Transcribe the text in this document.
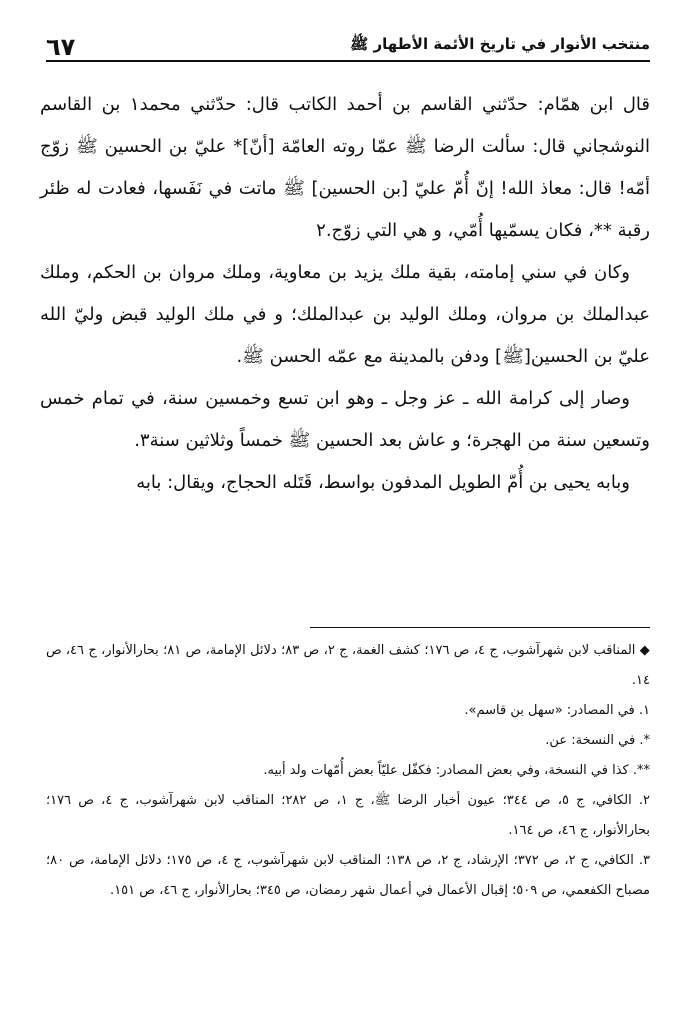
منتخب الأنوار في تاريخ الأئمة الأطهار ﷺ
٦٧

قال ابن همّام: حدّثني القاسم بن أحمد الكاتب قال: حدّثني محمد١ بن القاسم النوشجاني قال: سألت الرضا ﷺ عمّا روته العامّة [أنّ]* عليّ بن الحسين ﷺ زوّج أمّه! قال: معاذ الله! إنّ أُمّ عليّ [بن الحسين] ﷺ ماتت في نَفَسها، فعادت له ظئر رقبة **، فكان يسمّيها أُمّي، و هي التي زوّج.٢

وكان في سني إمامته، بقية ملك يزيد بن معاوية، وملك مروان بن الحكم، وملك عبدالملك بن مروان، وملك الوليد بن عبدالملك؛ و في ملك الوليد قبض وليّ الله عليّ بن الحسين[ﷺ] ودفن بالمدينة مع عمّه الحسن ﷺ.

وصار إلى كرامة الله ـ عز وجل ـ وهو ابن تسع وخمسين سنة، في تمام خمس وتسعين سنة من الهجرة؛ و عاش بعد الحسين ﷺ خمساً وثلاثين سنة٣.

وبابه يحيى بن أُمّ الطويل المدفون بواسط، قَتَله الحجاج، ويقال: بابه

◆ المناقب لابن شهرآشوب، ج ٤، ص ١٧٦؛ كشف الغمة، ج ٢، ص ٨٣؛ دلائل الإمامة، ص ٨١؛ بحارالأنوار، ج ٤٦، ص ١٤.

١. في المصادر: «سهل بن قاسم».

*. في النسخة: عن.

**. كذا في النسخة، وفي بعض المصادر: فكفّل عليّاً بعض أُمّهات ولد أبيه.

٢. الكافي، ج ٥، ص ٣٤٤؛ عيون أخبار الرضا ﷺ، ج ١، ص ٢٨٢؛ المناقب لابن شهرآشوب، ج ٤، ص ١٧٦؛ بحارالأنوار، ج ٤٦، ص ١٦٤.

٣. الكافي، ج ٢، ص ٣٧٢؛ الإرشاد، ج ٢، ص ١٣٨؛ المناقب لابن شهرآشوب، ج ٤، ص ١٧٥؛ دلائل الإمامة، ص ٨٠؛ مصباح الكفعمي، ص ٥٠٩؛ إقبال الأعمال في أعمال شهر رمضان، ص ٣٤٥؛ بحارالأنوار، ج ٤٦، ص ١٥١.
